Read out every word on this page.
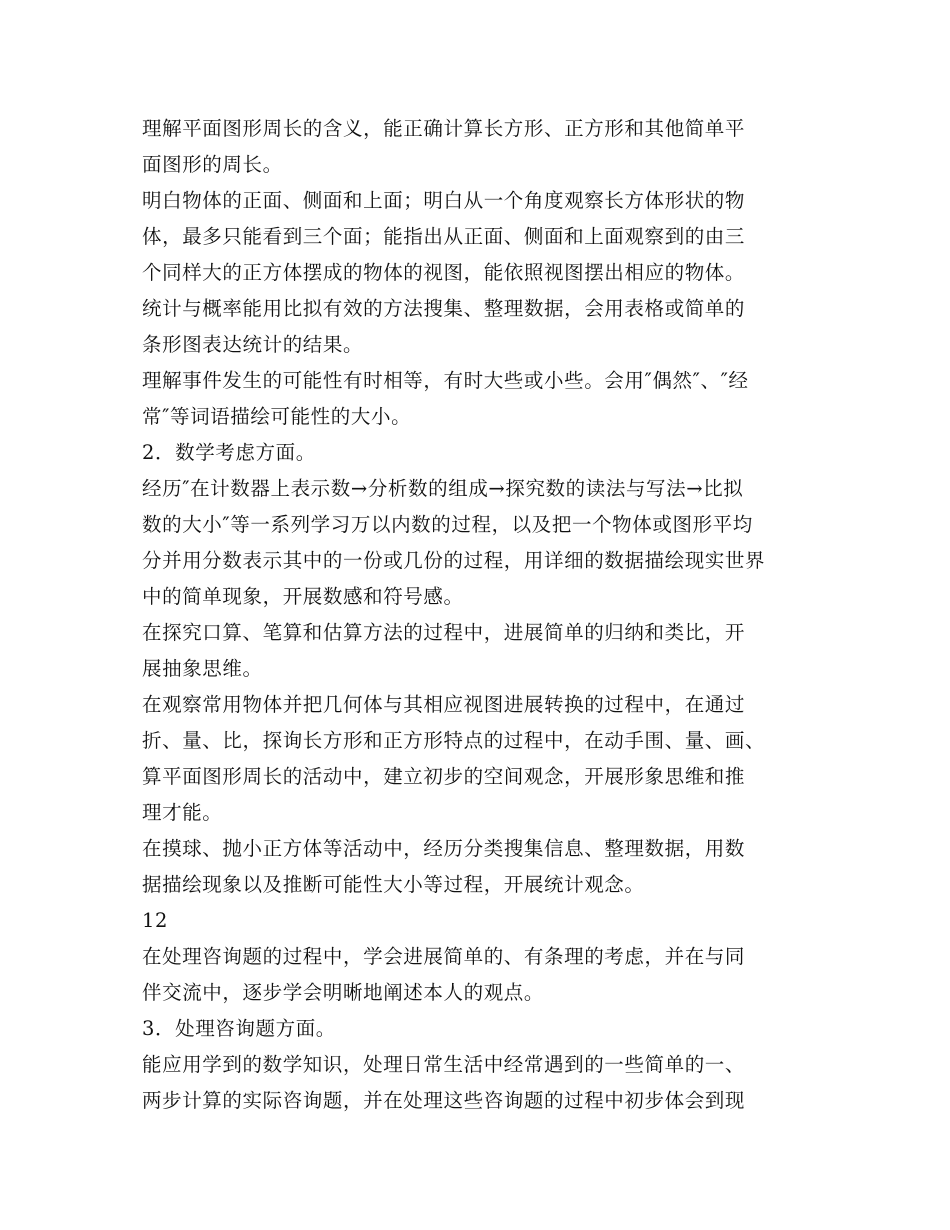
理解平面图形周长的含义，能正确计算长方形、正方形和其他简单平
面图形的周长。

明白物体的正面、侧面和上面；明白从一个角度观察长方体形状的物
体，最多只能看到三个面；能指出从正面、侧面和上面观察到的由三
个同样大的正方体摆成的物体的视图，能依照视图摆出相应的物体。

统计与概率能用比拟有效的方法搜集、整理数据，会用表格或简单的
条形图表达统计的结果。

理解事件发生的可能性有时相等，有时大些或小些。会用″偶然″、″经
常″等词语描绘可能性的大小。

2．数学考虑方面。

经历″在计数器上表示数→分析数的组成→探究数的读法与写法→比拟
数的大小″等一系列学习万以内数的过程，以及把一个物体或图形平均
分并用分数表示其中的一份或几份的过程，用详细的数据描绘现实世界
中的简单现象，开展数感和符号感。

在探究口算、笔算和估算方法的过程中，进展简单的归纳和类比，开
展抽象思维。

在观察常用物体并把几何体与其相应视图进展转换的过程中，在通过
折、量、比，探询长方形和正方形特点的过程中，在动手围、量、画、
算平面图形周长的活动中，建立初步的空间观念，开展形象思维和推
理才能。

在摸球、抛小正方体等活动中，经历分类搜集信息、整理数据，用数
据描绘现象以及推断可能性大小等过程，开展统计观念。

12

在处理咨询题的过程中，学会进展简单的、有条理的考虑，并在与同
伴交流中，逐步学会明晰地阐述本人的观点。

3．处理咨询题方面。

能应用学到的数学知识，处理日常生活中经常遇到的一些简单的一、
两步计算的实际咨询题，并在处理这些咨询题的过程中初步体会到现
